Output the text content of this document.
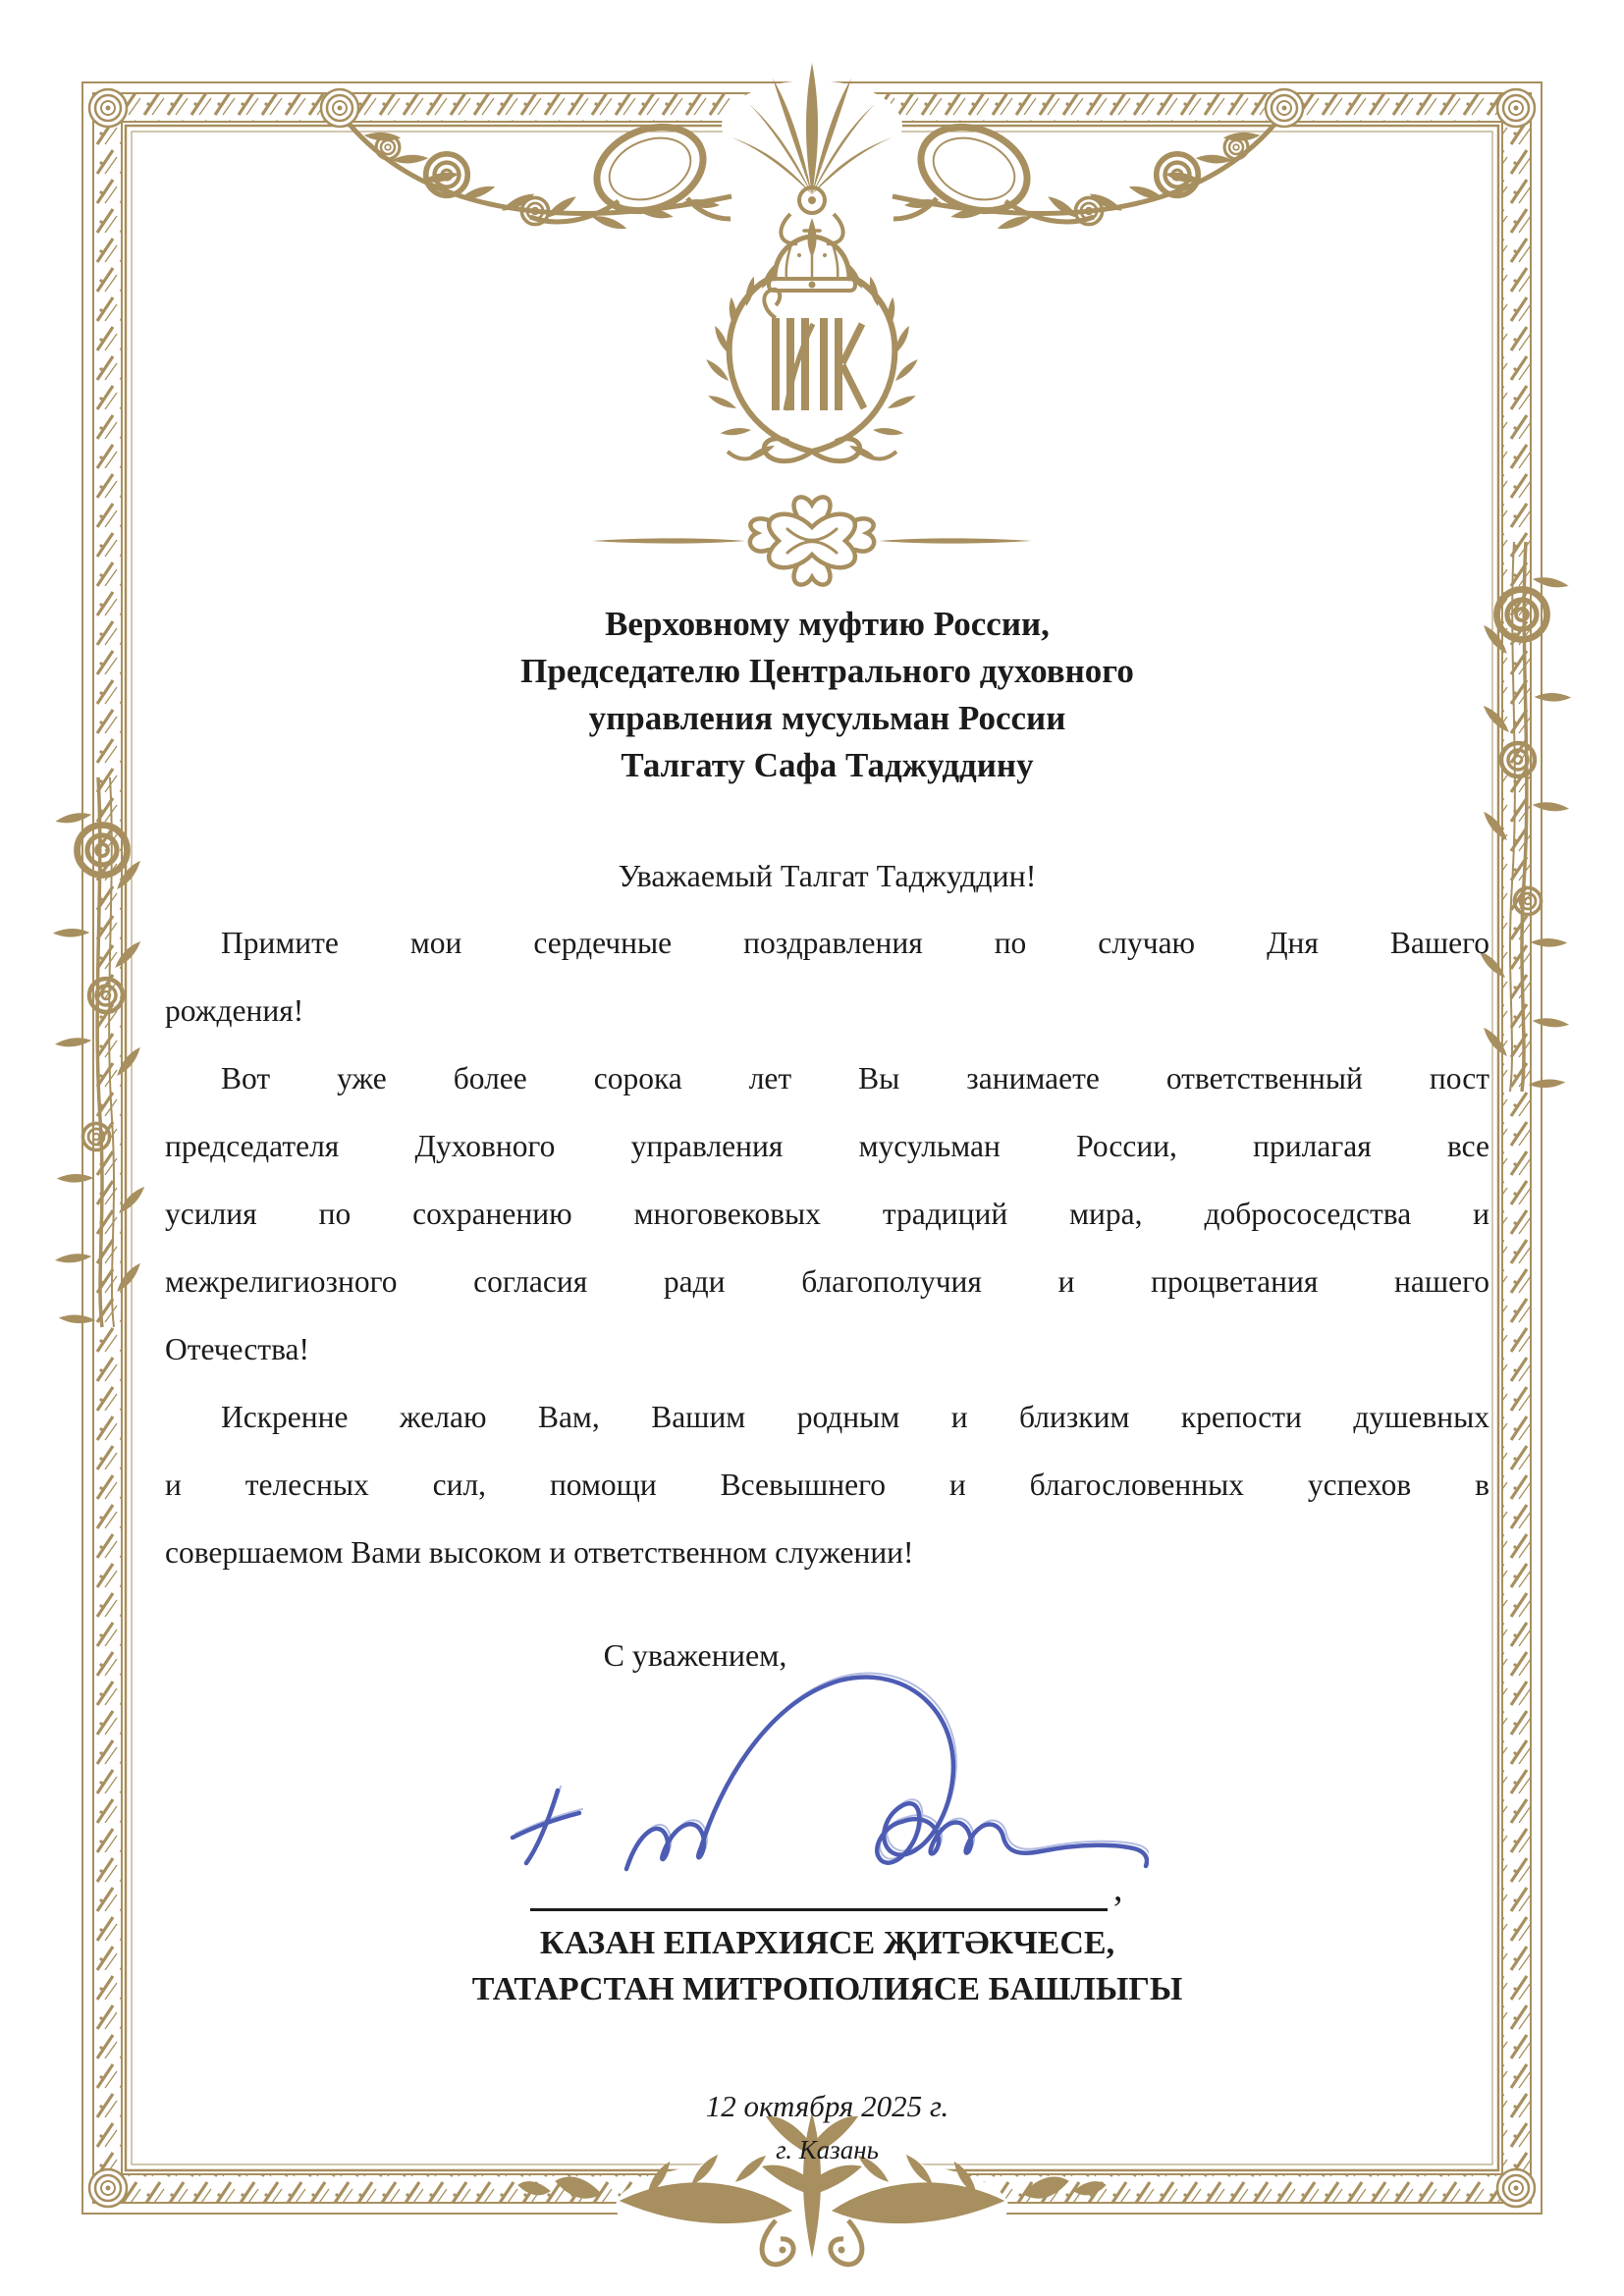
Верховному муфтию России,
Председателю Центрального духовного
управления мусульман России
Талгату Сафа Таджуддину
Уважаемый Талгат Таджуддин!
Примите мои сердечные поздравления по случаю Дня Вашего
рождения!
Вот уже более сорока лет Вы занимаете ответственный пост
председателя Духовного управления мусульман России, прилагая все
усилия по сохранению многовековых традиций мира, добрососедства и
межрелигиозного согласия ради благополучия и процветания нашего
Отечества!
Искренне желаю Вам, Вашим родным и близким крепости душевных
и телесных сил, помощи Всевышнего и благословенных успехов в
совершаемом Вами высоком и ответственном служении!
С уважением,
,
КАЗАН ЕПАРХИЯСЕ ҖИТӘКЧЕСЕ,
ТАТАРСТАН МИТРОПОЛИЯСЕ БАШЛЫГЫ
12 октября 2025 г.
г. Казань
